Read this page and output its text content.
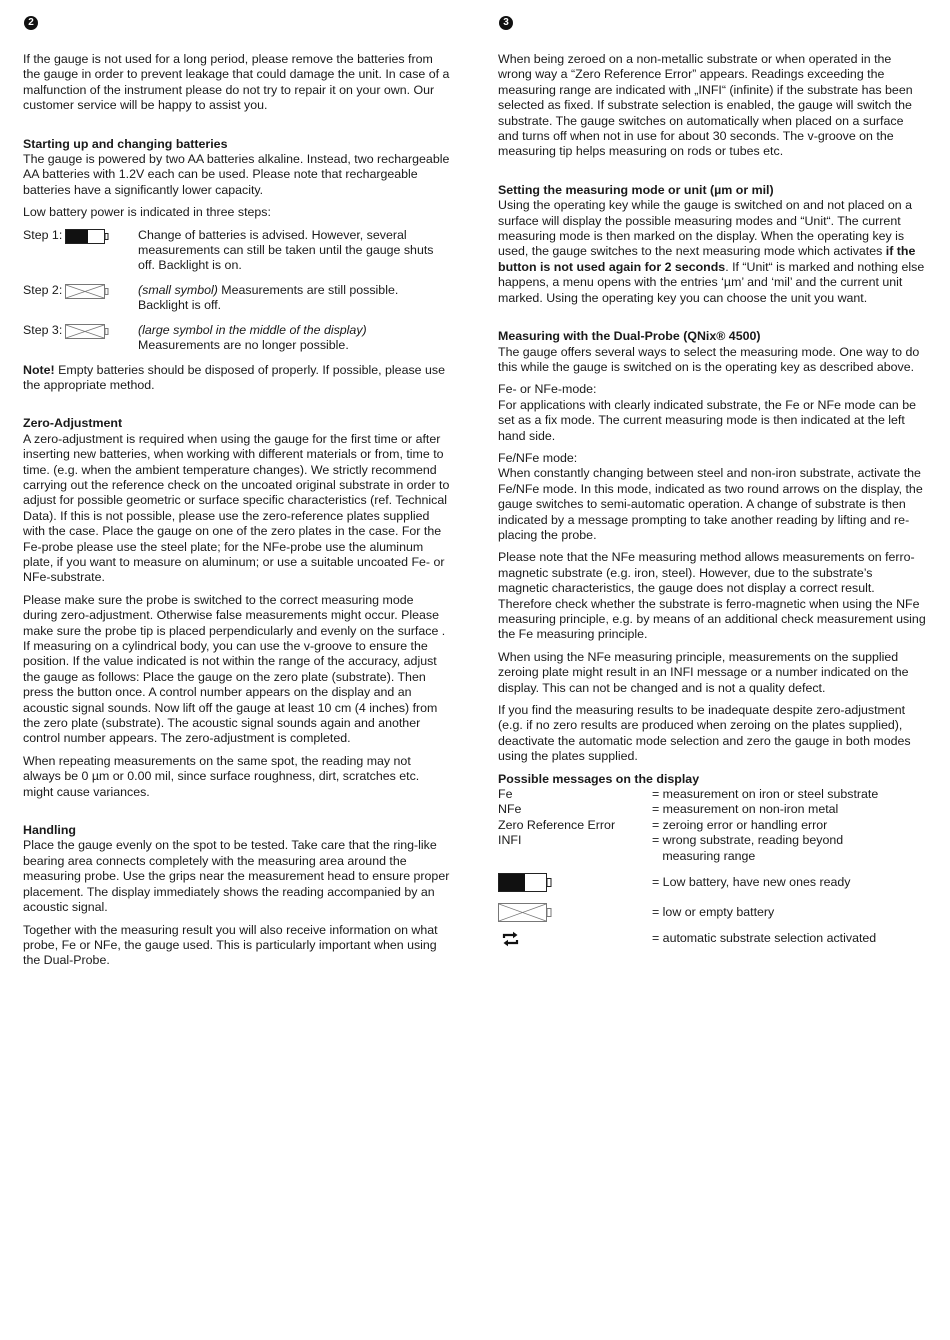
2

If the gauge is not used for a long period, please remove the batteries from the gauge in order to prevent leakage that could damage the unit. In case of a malfunction of the instrument please do not try to repair it on your own. Our customer service will be happy to assist you.

Starting up and changing batteries

The gauge is powered by two AA batteries alkaline. Instead, two rechargeable AA batteries with 1.2V each can be used. Please note that rechargeable batteries have a significantly lower capacity.

Low battery power is indicated in three steps:

Step 1:	Change of batteries is advised. However, several measurements can still be taken until the gauge shuts off. Backlight is on.
Step 2:	(small symbol) Measurements are still possible. Backlight is off.
Step 3:	(large symbol in the middle of the display)
Measurements are no longer possible.

Note! Empty batteries should be disposed of properly. If possible, please use the appropriate method.

Zero-Adjustment

A zero-adjustment is required when using the gauge for the first time or after inserting new batteries, when working with different materials or from, time to time. (e.g. when the ambient temperature changes). We strictly recommend carrying out the reference check on the uncoated original substrate in order to adjust for possible geometric or surface specific characteristics (ref. Technical Data). If this is not possible, please use the zero-reference plates supplied with the case. Place the gauge on one of the zero plates in the case. For the Fe-probe please use the steel plate; for the NFe-probe use the aluminum plate, if you want to measure on aluminum; or use a suitable uncoated Fe- or NFe-substrate.

Please make sure the probe is switched to the correct measuring mode during zero-adjustment. Otherwise false measurements might occur. Please make sure the probe tip is placed perpendicularly and evenly on the surface . If measuring on a cylindrical body, you can use the v-groove to ensure the position. If the value indicated is not within the range of the accuracy, adjust the gauge as follows: Place the gauge on the zero plate (substrate). Then press the button once. A control number appears on the display and an acoustic signal sounds. Now lift off the gauge at least 10 cm (4 inches) from the zero plate (substrate). The acoustic signal sounds again and another control number appears. The zero-adjustment is completed.

When repeating measurements on the same spot, the reading may not always be 0 µm or 0.00 mil, since surface roughness, dirt, scratches etc. might cause variances.

Handling

Place the gauge evenly on the spot to be tested. Take care that the ring-like bearing area connects completely with the measuring area around the measuring probe. Use the grips near the measurement head to ensure proper placement. The display immediately shows the reading accompanied by an acoustic signal.

Together with the measuring result you will also receive information on what probe, Fe or NFe, the gauge used. This is particularly important when using the Dual-Probe.

3

When being zeroed on a non-metallic substrate or when operated in the wrong way a “Zero Reference Error” appears. Readings exceeding the measuring range are indicated with „INFI“ (infinite) if the substrate has been selected as fixed. If substrate selection is enabled, the gauge will switch the substrate. The gauge switches on automatically when placed on a surface and turns off when not in use for about 30 seconds. The v-groove on the measuring tip helps measuring on rods or tubes etc.

Setting the measuring mode or unit (µm or mil)

Using the operating key while the gauge is switched on and not placed on a surface will display the possible measuring modes and “Unit“. The current measuring mode is then marked on the display. When the operating key is used, the gauge switches to the next measuring mode which activates if the button is not used again for 2 seconds. If “Unit“ is marked and nothing else happens, a menu opens with the entries ‘µm’ and ‘mil’ and the current unit marked. Using the operating key you can choose the unit you want.

Measuring with the Dual-Probe (QNix® 4500)

The gauge offers several ways to select the measuring mode. One way to do this while the gauge is switched on is the operating key as described above.

Fe- or NFe-mode:
For applications with clearly indicated substrate, the Fe or NFe mode can be set as a fix mode. The current measuring mode is then indicated at the left hand side.

Fe/NFe mode:
When constantly changing between steel and non-iron substrate, activate the Fe/NFe mode. In this mode, indicated as two round arrows on the display, the gauge switches to semi-automatic operation. A change of substrate is then indicated by a message prompting to take another reading by lifting and re-placing the probe.

Please note that the NFe measuring method allows measurements on ferro-magnetic substrate (e.g. iron, steel). However, due to the substrate’s magnetic characteristics, the gauge does not display a correct result. Therefore check whether the substrate is ferro-magnetic when using the NFe measuring principle, e.g. by means of an additional check measurement using the Fe measuring principle.

When using the NFe measuring principle, measurements on the supplied zeroing plate might result in an INFI message or a number indicated on the display. This can not be changed and is not a quality defect.

If you find the measuring results to be inadequate despite zero-adjustment (e.g. if no zero results are produced when zeroing on the plates supplied), deactivate the automatic mode selection and zero the gauge in both modes using the plates supplied.

Possible messages on the display
Fe	= measurement on iron or steel substrate
NFe	= measurement on non-iron metal
Zero Reference Error	= zeroing error or handling error
INFI	= wrong substrate, reading beyond
measuring range
= Low battery, have new ones ready
= low or empty battery
= automatic substrate selection activated
